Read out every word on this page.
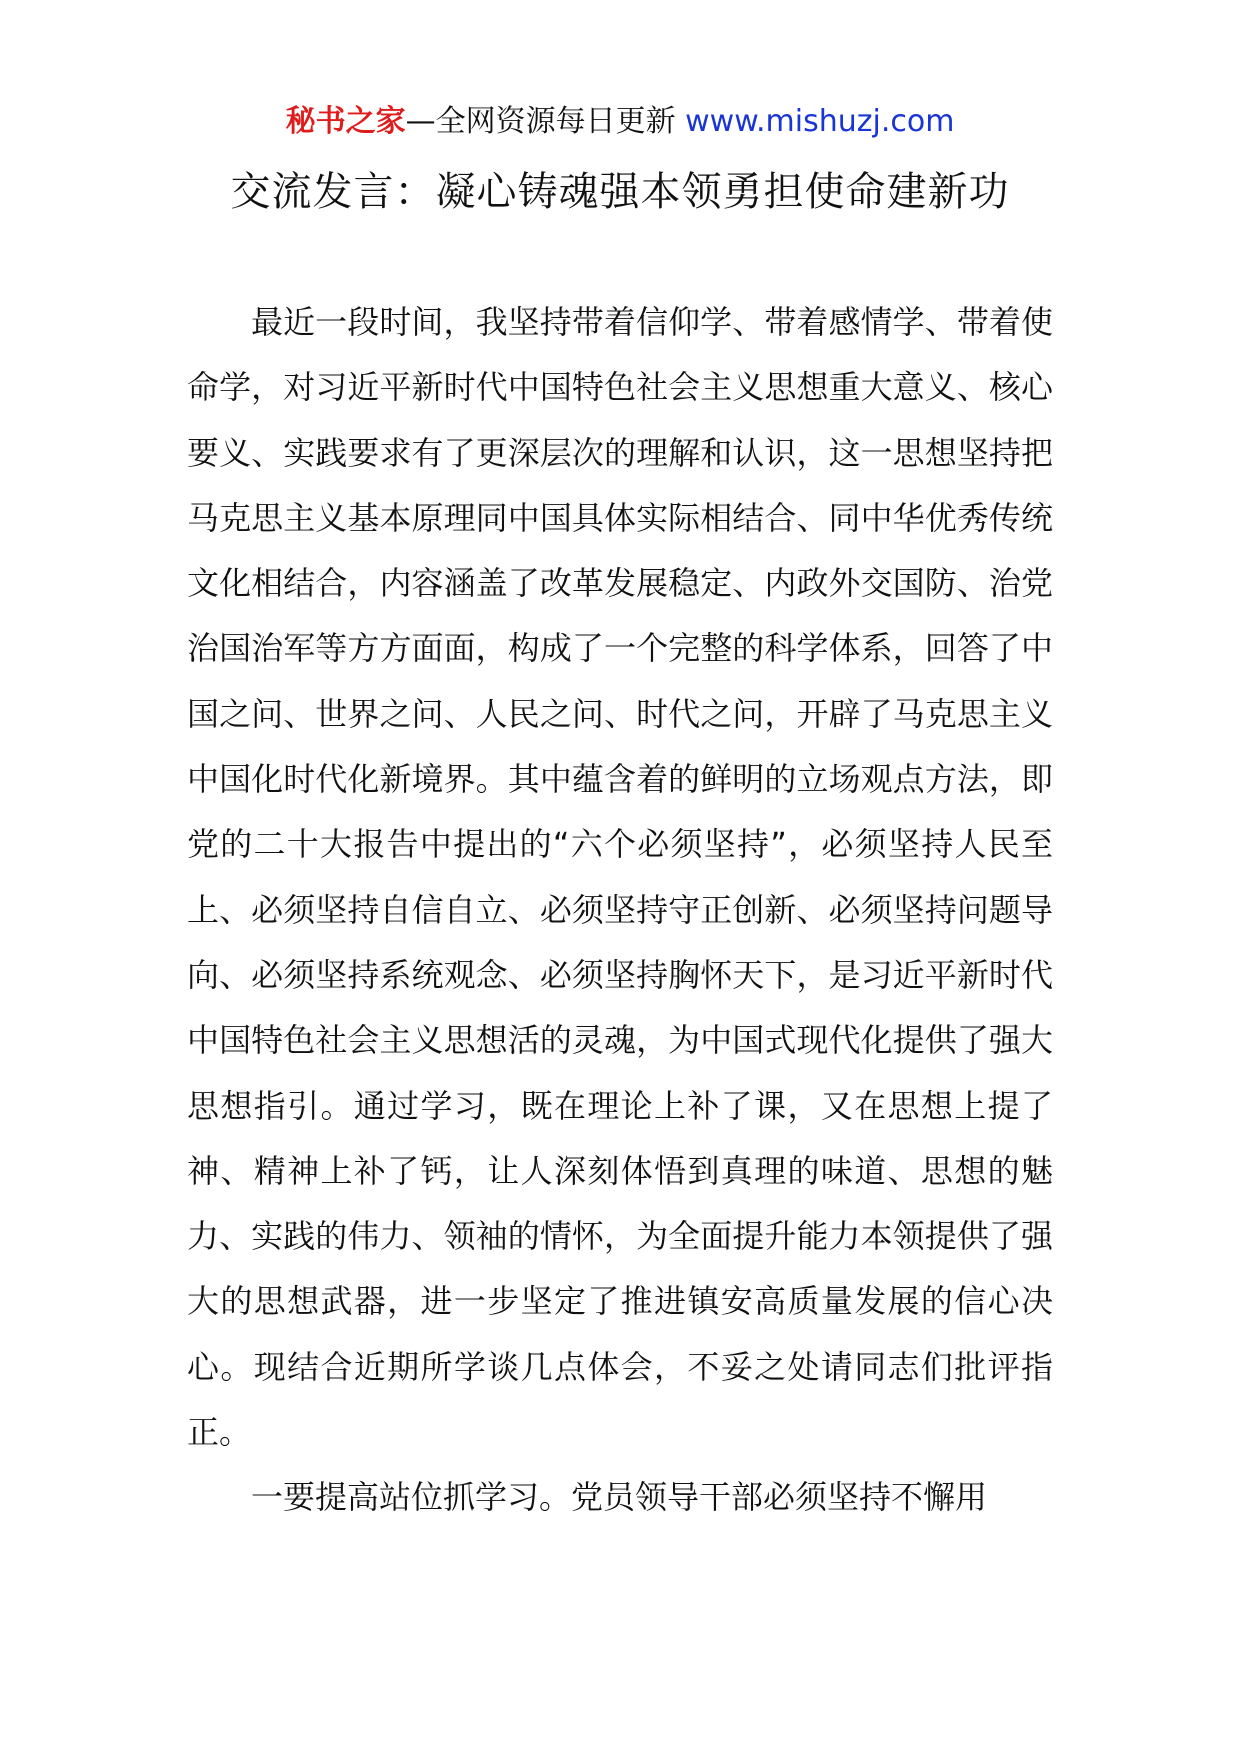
秘书之家—全网资源每日更新 www.mishuzj.com
交流发言：凝心铸魂强本领勇担使命建新功

最近一段时间，我坚持带着信仰学、带着感情学、带着使命学，对习近平新时代中国特色社会主义思想重大意义、核心要义、实践要求有了更深层次的理解和认识，这一思想坚持把马克思主义基本原理同中国具体实际相结合、同中华优秀传统文化相结合，内容涵盖了改革发展稳定、内政外交国防、治党治国治军等方方面面，构成了一个完整的科学体系，回答了中国之问、世界之问、人民之问、时代之问，开辟了马克思主义中国化时代化新境界。其中蕴含着的鲜明的立场观点方法，即党的二十大报告中提出的“六个必须坚持”，必须坚持人民至上、必须坚持自信自立、必须坚持守正创新、必须坚持问题导向、必须坚持系统观念、必须坚持胸怀天下，是习近平新时代中国特色社会主义思想活的灵魂，为中国式现代化提供了强大思想指引。通过学习，既在理论上补了课，又在思想上提了神、精神上补了钙，让人深刻体悟到真理的味道、思想的魅力、实践的伟力、领袖的情怀，为全面提升能力本领提供了强大的思想武器，进一步坚定了推进镇安高质量发展的信心决心。现结合近期所学谈几点体会，不妥之处请同志们批评指正。

一要提高站位抓学习。党员领导干部必须坚持不懈用
